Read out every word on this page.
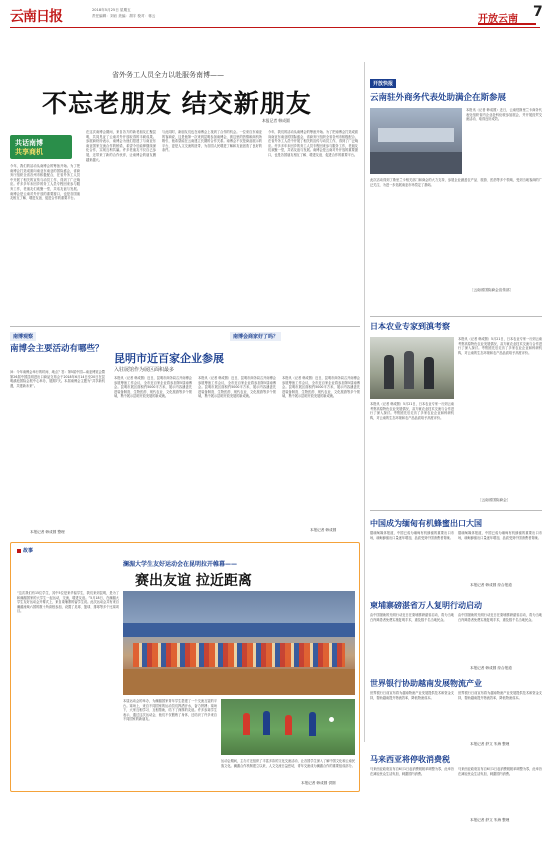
云南日报	2018年5月25日 星期五
责任编辑：刘岩 美编：胡宇 校对：蒋云	开放云南 7
省外务工人员全力以赴服务南博——
不忘老朋友 结交新朋友
本报记者 韩成圆
共话南博
共享商机
今年，我们的活动从南博会的筹备开始。为了把南博会打造成面向南亚东南亚的国际盛会，省商务厅组织全省各州市积极配合，在省外务工人员中开展了相关的宣传与动员工作，得到了广泛响应。许多多年未回乡的务工人员专程回来参与服务工作，老朋友们欢聚一堂，共话友谊与发展。南博会是云南对外开放的重要窗口，也是各国朋友相互了解、增进友谊、促进合作的重要平台。
在这次南博会期间，来自各方的新老朋友汇聚昆明，共同见证了云南对外开放取得的丰硕成果。参展商纷纷表示，南博会为他们搭建了与南亚东南亚国家交流合作的桥梁，希望今后能够继续深化合作，实现互利共赢。许多老朋友不仅自己参展，还带来了新的合作伙伴，让南博会的朋友圈越来越大。
与此同时，新朋友们也在南博会上找到了合作的机会。一位来自东南亚的客商说，这是他第一次来到昆明参加南博会，被这里的热情和商机所吸引，他希望能在云南建立长期的合作关系。南博会不仅是商品展示的平台，更是人文交流的纽带，为各国人民增进了解和友谊创造了良好的条件。
今年，我们的活动从南博会的筹备开始。为了把南博会打造成面向南亚东南亚的国际盛会，省商务厅组织全省各州市积极配合，在省外务工人员中开展了相关的宣传与动员工作，得到了广泛响应。许多多年未回乡的务工人员专程回来参与服务工作，老朋友们欢聚一堂，共话友谊与发展。南博会是云南对外开放的重要窗口，也是各国朋友相互了解、增进友谊、促进合作的重要平台。
开放快报
云南驻外商务代表处助满企在斯参展
本报讯（记者 韩成圆）近日，云南驻斯里兰卡商务代表处组织省内企业赴科伦坡参加展会，并开展经贸交流活动，取得良好成效。
此次活动得到了斯里兰卡相关部门和商会的大力支持，参展企业涵盖农产品、旅游、医药等多个领域，受到当地客商的广泛关注，为进一步拓展南亚市场奠定了基础。
［云南省国际商会宣传部］
日本农业专家到滇考察
本报讯（记者 韩成圆）5月21日，日本农业专家一行到云南考察高原特色农业发展情况，双方就农业技术交流与合作进行了深入探讨。考察团先后走访了多家农业企业和科研机构，对云南的生态环境和农产品品质给予高度评价。
本报讯（记者 韩成圆）5月21日，日本农业专家一行到云南考察高原特色农业发展情况，双方就农业技术交流与合作进行了深入探讨。考察团先后走访了多家农业企业和科研机构，对云南的生态环境和农产品品质给予高度评价。
［云南省国际商会］
中国成为缅甸有机蜂蜜出口大国
据缅甸媒体报道，中国已成为缅甸有机蜂蜜的重要出口市场，缅甸蜂蜜出口量逐年增加，品质受到中国消费者青睐。
据缅甸媒体报道，中国已成为缅甸有机蜂蜜的重要出口市场，缅甸蜂蜜出口量逐年增加，品质受到中国消费者青睐。
本报记者 韩成圆 综合报道
柬埔寨磅湛省万人复明行动启动
由中国援助的光明行动近日在柬埔寨磅湛省启动，将为当地白内障患者免费实施复明手术，惠及数千名当地民众。
由中国援助的光明行动近日在柬埔寨磅湛省启动，将为当地白内障患者免费实施复明手术，惠及数千名当地民众。
本报记者 韩成圆 综合报道
世界银行协助越南发展物流产业
世界银行日前宣布将为越南物流产业发展提供技术和资金支持，帮助越南提升物流效率，降低物流成本。
世界银行日前宣布将为越南物流产业发展提供技术和资金支持，帮助越南提升物流效率，降低物流成本。
本报记者 舒文 朱海 整理
马来西亚将停收消费税
马来西亚政府宣布自6月1日起消费税税率调整为零，此举旨在减轻民众生活负担，刺激国内消费。
马来西亚政府宣布自6月1日起消费税税率调整为零，此举旨在减轻民众生活负担，刺激国内消费。
本报记者 舒文 朱海 整理
南博观察
南博会主要活动有哪些？
问：今年南博会举行的时间、地点？答：第5届中国—南亚博览会暨第26届中国昆明进出口商品交易会于2018年6月14日至20日在昆明滇池国际会展中心举办，展期7天。本届南博会主题为“共享新机遇，共建新未来”。
本报记者 韩成圆 整理
南博会商家好了吗？
昆明市近百家企业参展
入驻展馆作为展区面积最多
本报讯（记者 韩成圆）近日，昆明市商务局召开南博会参展筹备工作会议，全市近百家企业将参加第5届南博会。昆明市展区面积约5000平方米，展示内容涵盖先进装备制造、生物医药、现代农业、文化旅游等多个领域，集中展示昆明开放发展的新成就。
本报讯（记者 韩成圆）近日，昆明市商务局召开南博会参展筹备工作会议，全市近百家企业将参加第5届南博会。昆明市展区面积约5000平方米，展示内容涵盖先进装备制造、生物医药、现代农业、文化旅游等多个领域，集中展示昆明开放发展的新成就。
本报讯（记者 韩成圆）近日，昆明市商务局召开南博会参展筹备工作会议，全市近百家企业将参加第5届南博会。昆明市展区面积约5000平方米，展示内容涵盖先进装备制造、生物医药、现代农业、文化旅游等多个领域，集中展示昆明开放发展的新成就。
本报记者 韩成圆
故事
澜湄大学生友好运动会在昆明拉开帷幕——
赛出友谊 拉近距离
“这次我们有15位学生，其中5位是来华留学生，我们来到昆明，是为了和澜湄国家的大学生一起运动，交流，增进友谊。”5月18日，在澜湄大学生友好运动会开幕式上，来自柬埔寨的留学生说。此次运动会共有来自澜湄流域六国的数十所高校参加，设置了足球、篮球、排球等多个比赛项目。
本届运动会的举办，为澜湄国家青年学生搭建了一个交流互鉴的平台。赛场上，来自不同国家的运动员们挥洒汗水，奋力拼搏；赛场下，大家互相学习、互相帮助，结下了深厚的友谊。许多参赛学生表示，通过这次运动会，他们不仅锻炼了身体，还结识了许多来自不同国家的新朋友。
运动会期间，主办方还组织了丰富多彩的文化交流活动，让各国学生深入了解中国文化和云南民族文化。澜湄合作机制建立以来，人文交流日益密切，青年交流成为澜湄合作的重要组成部分。
本报记者 韩成圆 供图
